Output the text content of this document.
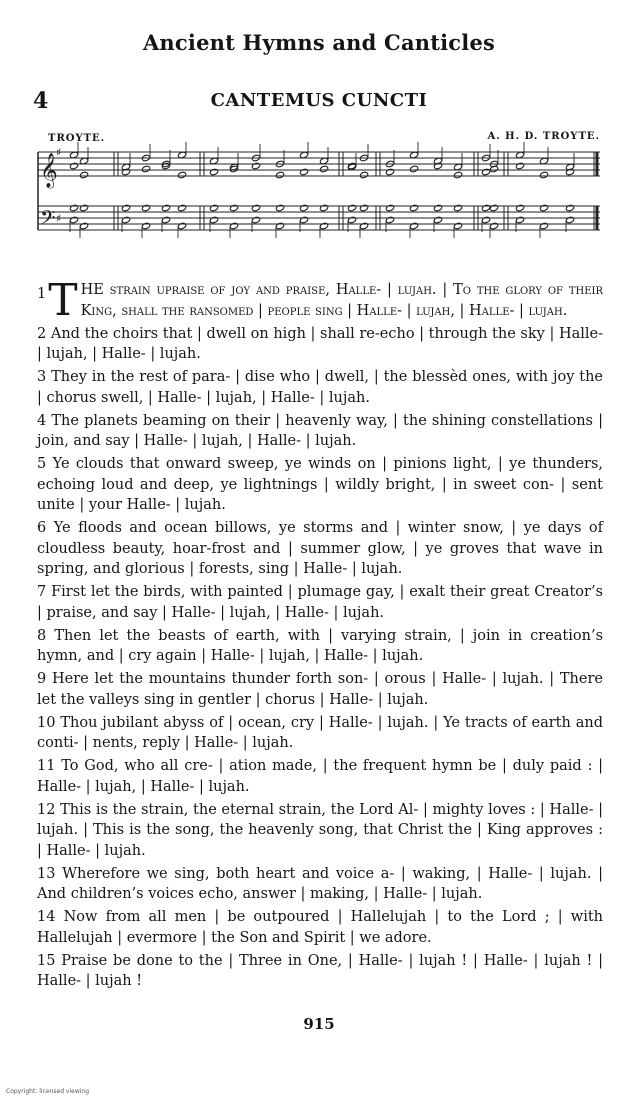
Ancient Hymns and Canticles
4	CANTEMUS CUNCTI
TROYTE.	A. H. D. TROYTE.
𝄞
𝄢
♯
♯

1 T HE strain upraise of joy and praise, Halle- | lujah. | To the glory of their King, shall the ransomed | people sing | Halle- | lujah, | Halle- | lujah.

2 And the choirs that | dwell on high | shall re-echo | through the sky | Halle- | lujah, | Halle- | lujah.

3 They in the rest of para- | dise who | dwell, | the blessèd ones, with joy the | chorus swell, | Halle- | lujah, | Halle- | lujah.

4 The planets beaming on their | heavenly way, | the shining constellations | join, and say | Halle- | lujah, | Halle- | lujah.

5 Ye clouds that onward sweep, ye winds on | pinions light, | ye thunders, echoing loud and deep, ye lightnings | wildly bright, | in sweet con- | sent unite | your Halle- | lujah.

6 Ye floods and ocean billows, ye storms and | winter snow, | ye days of cloudless beauty, hoar-frost and | summer glow, | ye groves that wave in spring, and glorious | forests, sing | Halle- | lujah.

7 First let the birds, with painted | plumage gay, | exalt their great Creator’s | praise, and say | Halle- | lujah, | Halle- | lujah.

8 Then let the beasts of earth, with | varying strain, | join in creation’s hymn, and | cry again | Halle- | lujah, | Halle- | lujah.

9 Here let the mountains thunder forth son- | orous | Halle- | lujah. | There let the valleys sing in gentler | chorus | Halle- | lujah.

10 Thou jubilant abyss of | ocean, cry | Halle- | lujah. | Ye tracts of earth and conti- | nents, reply | Halle- | lujah.

11 To God, who all cre- | ation made, | the frequent hymn be | duly paid : | Halle- | lujah, | Halle- | lujah.

12 This is the strain, the eternal strain, the Lord Al- | mighty loves : | Halle- | lujah. | This is the song, the heavenly song, that Christ the | King approves : | Halle- | lujah.

13 Wherefore we sing, both heart and voice a- | waking, | Halle- | lujah. | And children’s voices echo, answer | making, | Halle- | lujah.

14 Now from all men | be outpoured | Hallelujah | to the Lord ; | with Hallelujah | evermore | the Son and Spirit | we adore.

15 Praise be done to the | Three in One, | Halle- | lujah ! | Halle- | lujah ! | Halle- | lujah !

915
Copyright: licensed viewing
